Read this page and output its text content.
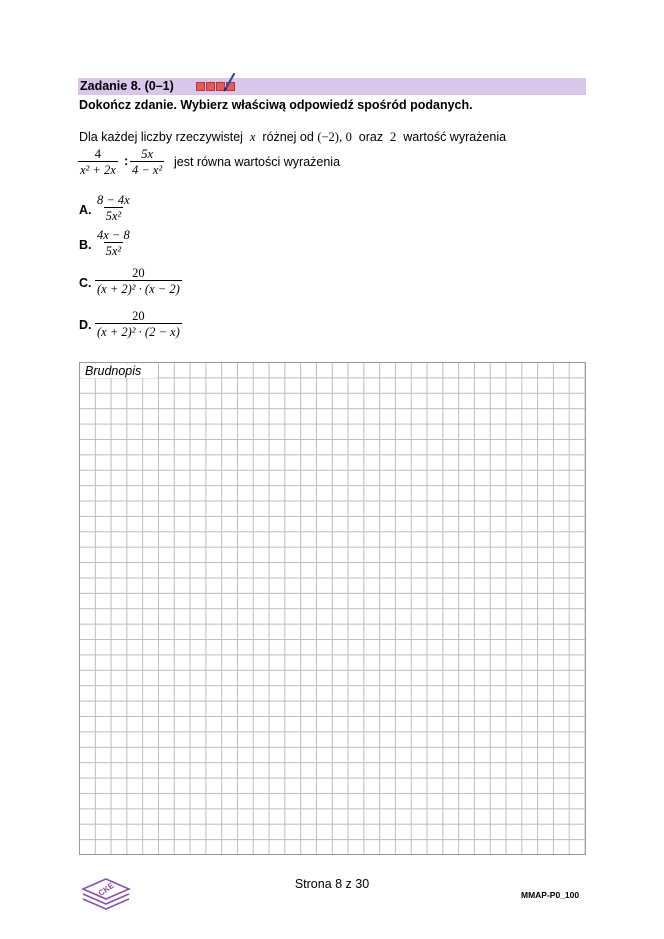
Zadanie 8. (0–1)
Dokończ zdanie. Wybierz właściwą odpowiedź spośród podanych.
Dla każdej liczby rzeczywistej x różnej od (−2), 0 oraz 2 wartość wyrażenia
$\frac{4}{\text{x² + 2x}}$ : $\frac{5x}{\text{4 − x²}}$ jest równa wartości wyrażenia
A. $\frac{8 - 4x}{\text{5x²}}$
B. $\frac{4x - 8}{\text{5x²}}$
C. $\frac{20}{\text{(x + 2)² · (x − 2)}}$
D. $\frac{20}{\text{(x + 2)² · (2 − x)}}$
Brudnopis
CKE	Strona 8 z 30
MMAP-P0_100
